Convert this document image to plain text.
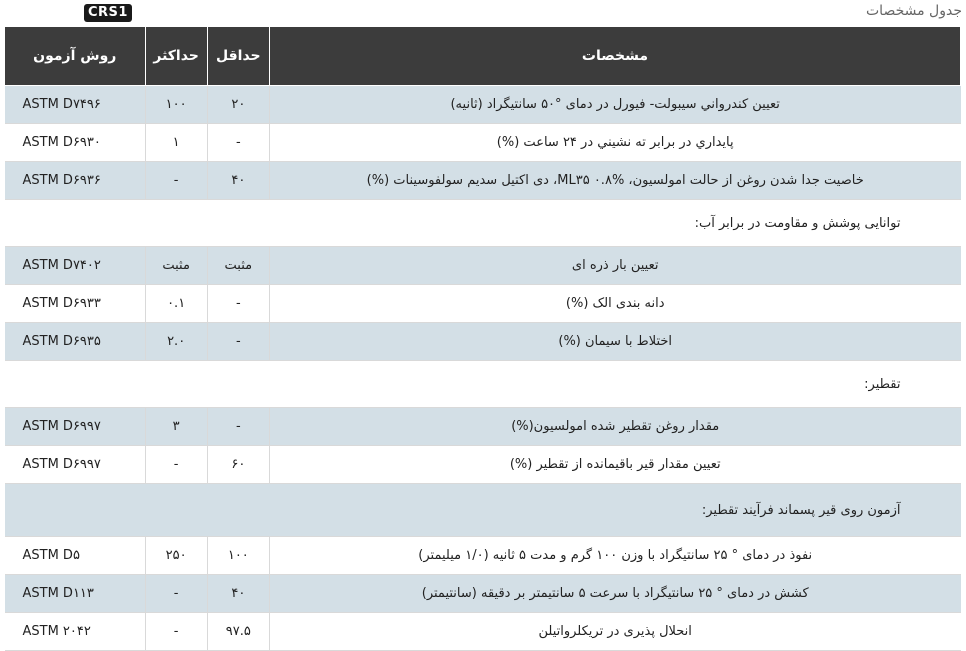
CRS1	جدول مشخصات
مشخصات	حداقل	حداکثر	روش آزمون
تعیین کندرواني سیبولت- فیورل در دمای °۵۰ سانتیگراد (ثانیه)	۲۰	۱۰۰	ASTM D۷۴۹۶
پایداري در برابر ته نشیني در ۲۴ ساعت (%)	-	۱	ASTM D۶۹۳۰
خاصیت جدا شدن روغن از حالت امولسیون، %۰.۸ ML۳۵، دی اکتیل سدیم سولفوسینات (%)	۴۰	-	ASTM D۶۹۳۶
توانایی پوشش و مقاومت در برابر آب:			
تعیین بار ذره ای	مثبت	مثبت	ASTM D۷۴۰۲
دانه بندی الک (%)	-	۰.۱	ASTM D۶۹۳۳
اختلاط با سیمان (%)	-	۲.۰	ASTM D۶۹۳۵
تقطیر:			
مقدار روغن تقطیر شده امولسیون(%)	-	۳	ASTM D۶۹۹۷
تعیین مقدار قیر باقیمانده از تقطیر (%)	۶۰	-	ASTM D۶۹۹۷
آزمون روی قیر پسماند فرآیند تقطیر:			
نفوذ در دمای ° ۲۵ سانتیگراد با وزن ۱۰۰ گرم و مدت ۵ ثانیه (۱/۰ میلیمتر)	۱۰۰	۲۵۰	ASTM D۵
کشش در دمای ° ۲۵ سانتیگراد با سرعت ۵ سانتیمتر بر دقیقه (سانتیمتر)	۴۰	-	ASTM D۱۱۳
انحلال پذیری در تریکلرواتیلن	۹۷.۵	-	ASTM ۲۰۴۲
